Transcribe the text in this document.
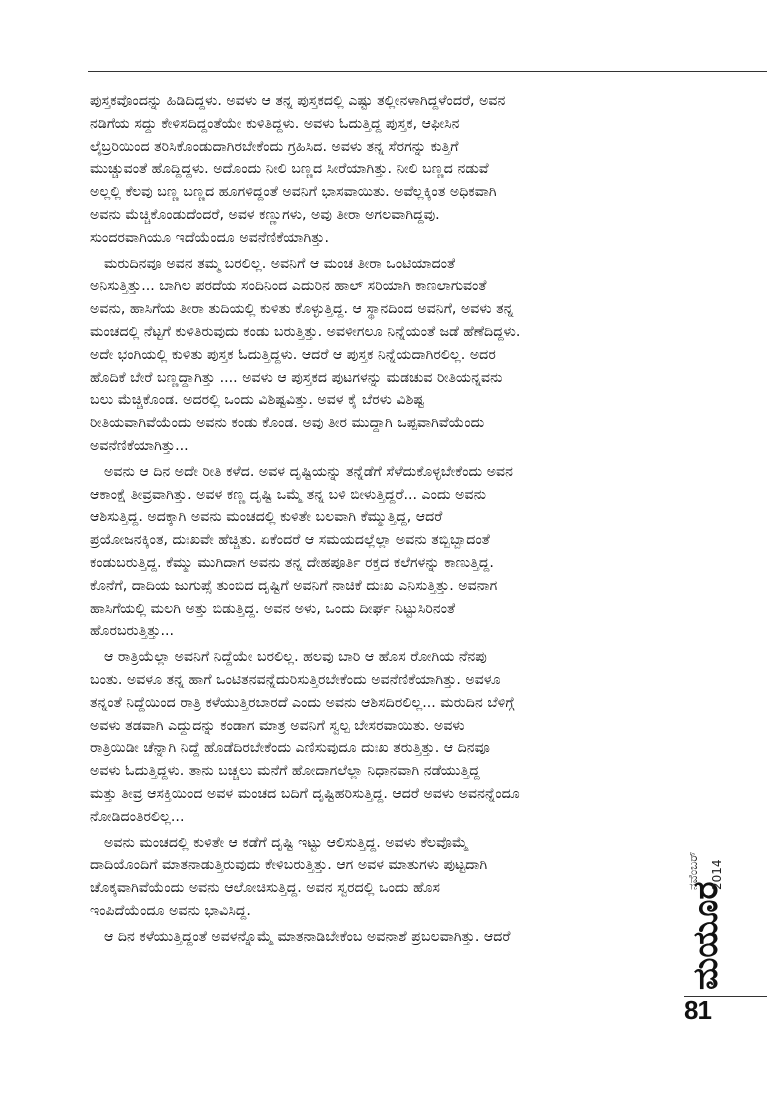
ಪುಸ್ತಕವೊಂದನ್ನು ಹಿಡಿದಿದ್ದಳು. ಅವಳು ಆ ತನ್ನ ಪುಸ್ತಕದಲ್ಲಿ ಎಷ್ಟು ತಲ್ಲೀನಳಾಗಿದ್ದಳೆಂದರೆ, ಅವನ
ನಡಿಗೆಯ ಸದ್ದು ಕೇಳಿಸದಿದ್ದಂತೆಯೇ ಕುಳಿತಿದ್ದಳು. ಅವಳು ಓದುತ್ತಿದ್ದ ಪುಸ್ತಕ, ಆಫೀಸಿನ
ಲೈಬ್ರರಿಯಿಂದ ತರಿಸಿಕೊಂಡುದಾಗಿರಬೇಕೆಂದು ಗ್ರಹಿಸಿದ. ಅವಳು ತನ್ನ ಸೆರಗನ್ನು ಕುತ್ತಿಗೆ
ಮುಚ್ಚುವಂತೆ ಹೊದ್ದಿದ್ದಳು. ಅದೊಂದು ನೀಲಿ ಬಣ್ಣದ ಸೀರೆಯಾಗಿತ್ತು. ನೀಲಿ ಬಣ್ಣದ ನಡುವೆ
ಅಲ್ಲಲ್ಲಿ ಕೆಲವು ಬಣ್ಣ ಬಣ್ಣದ ಹೂಗಳಿದ್ದಂತೆ ಅವನಿಗೆ ಭಾಸವಾಯಿತು. ಅವೆಲ್ಲಕ್ಕಿಂತ ಅಧಿಕವಾಗಿ
ಅವನು ಮೆಚ್ಚಿಕೊಂಡುದೆಂದರೆ, ಅವಳ ಕಣ್ಣುಗಳು, ಅವು ತೀರಾ ಅಗಲವಾಗಿದ್ದವು.
ಸುಂದರವಾಗಿಯೂ ಇದೆಯೆಂದೂ ಅವನೆಣಿಕೆಯಾಗಿತ್ತು.
ಮರುದಿನವೂ ಅವನ ತಮ್ಮ ಬರಲಿಲ್ಲ. ಅವನಿಗೆ ಆ ಮಂಚ ತೀರಾ ಒಂಟಿಯಾದಂತೆ
ಅನಿಸುತ್ತಿತ್ತು... ಬಾಗಿಲ ಪರದೆಯ ಸಂದಿನಿಂದ ಎದುರಿನ ಹಾಲ್ ಸರಿಯಾಗಿ ಕಾಣಲಾಗುವಂತೆ
ಅವನು, ಹಾಸಿಗೆಯ ತೀರಾ ತುದಿಯಲ್ಲಿ ಕುಳಿತು ಕೊಳ್ಳುತ್ತಿದ್ದ. ಆ ಸ್ಥಾನದಿಂದ ಅವನಿಗೆ, ಅವಳು ತನ್ನ
ಮಂಚದಲ್ಲಿ ನೆಟ್ಟಗೆ ಕುಳಿತಿರುವುದು ಕಂಡು ಬರುತ್ತಿತ್ತು. ಅವಳೀಗಲೂ ನಿನ್ನೆಯಂತೆ ಜಡೆ ಹೆಣೆದಿದ್ದಳು.
ಅದೇ ಭಂಗಿಯಲ್ಲಿ ಕುಳಿತು ಪುಸ್ತಕ ಓದುತ್ತಿದ್ದಳು. ಆದರೆ ಆ ಪುಸ್ತಕ ನಿನ್ನೆಯದಾಗಿರಲಿಲ್ಲ. ಅದರ
ಹೊದಿಕೆ ಬೇರೆ ಬಣ್ಣದ್ದಾಗಿತ್ತು .... ಅವಳು ಆ ಪುಸ್ತಕದ ಪುಟಗಳನ್ನು ಮಡಚುವ ರೀತಿಯನ್ನವನು
ಬಲು ಮೆಚ್ಚಿಕೊಂಡ. ಅದರಲ್ಲಿ ಒಂದು ವಿಶಿಷ್ಟವಿತ್ತು. ಅವಳ ಕೈ ಬೆರಳು ವಿಶಿಷ್ಟ
ರೀತಿಯವಾಗಿವೆಯೆಂದು ಅವನು ಕಂಡು ಕೊಂಡ. ಅವು ತೀರ ಮುದ್ದಾಗಿ ಒಪ್ಪವಾಗಿವೆಯೆಂದು
ಅವನೆಣಿಕೆಯಾಗಿತ್ತು...
ಅವನು ಆ ದಿನ ಅದೇ ರೀತಿ ಕಳೆದ. ಅವಳ ದೃಷ್ಟಿಯನ್ನು ತನ್ನೆಡೆಗೆ ಸೆಳೆದುಕೊಳ್ಳಬೇಕೆಂದು ಅವನ
ಆಕಾಂಕ್ಷೆ ತೀವ್ರವಾಗಿತ್ತು. ಅವಳ ಕಣ್ಣ ದೃಷ್ಟಿ ಒಮ್ಮೆ ತನ್ನ ಬಳಿ ಬೀಳುತ್ತಿದ್ದರೆ... ಎಂದು ಅವನು
ಆಶಿಸುತ್ತಿದ್ದ. ಅದಕ್ಕಾಗಿ ಅವನು ಮಂಚದಲ್ಲಿ ಕುಳಿತೇ ಬಲವಾಗಿ ಕೆಮ್ಮುತ್ತಿದ್ದ, ಆದರೆ
ಪ್ರಯೋಜನಕ್ಕಿಂತ, ದುಃಖವೇ ಹೆಚ್ಚಿತು. ಏಕೆಂದರೆ ಆ ಸಮಯದಲ್ಲೆಲ್ಲಾ ಅವನು ತಬ್ಬಿಬ್ಬಾದಂತೆ
ಕಂಡುಬರುತ್ತಿದ್ದ. ಕೆಮ್ಮು ಮುಗಿದಾಗ ಅವನು ತನ್ನ ದೇಹಪೂರ್ತಿ ರಕ್ತದ ಕಲೆಗಳನ್ನು ಕಾಣುತ್ತಿದ್ದ.
ಕೊನೆಗೆ, ದಾದಿಯ ಜುಗುಪ್ಸೆ ತುಂಬಿದ ದೃಷ್ಟಿಗೆ ಅವನಿಗೆ ನಾಚಿಕೆ ದುಃಖ ಎನಿಸುತ್ತಿತ್ತು. ಅವನಾಗ
ಹಾಸಿಗೆಯಲ್ಲಿ ಮಲಗಿ ಅತ್ತು ಬಿಡುತ್ತಿದ್ದ. ಅವನ ಅಳು, ಒಂದು ದೀರ್ಘ ನಿಟ್ಟುಸಿರಿನಂತೆ
ಹೊರಬರುತ್ತಿತ್ತು...
ಆ ರಾತ್ರಿಯೆಲ್ಲಾ ಅವನಿಗೆ ನಿದ್ದೆಯೇ ಬರಲಿಲ್ಲ. ಹಲವು ಬಾರಿ ಆ ಹೊಸ ರೋಗಿಯ ನೆನಪು
ಬಂತು. ಅವಳೂ ತನ್ನ ಹಾಗೆ ಒಂಟಿತನವನ್ನೆದುರಿಸುತ್ತಿರಬೇಕೆಂದು ಅವನೆಣಿಕೆಯಾಗಿತ್ತು. ಅವಳೂ
ತನ್ನಂತೆ ನಿದ್ದೆಯಿಂದ ರಾತ್ರಿ ಕಳೆಯುತ್ತಿರಬಾರದೆ ಎಂದು ಅವನು ಆಶಿಸದಿರಲಿಲ್ಲ... ಮರುದಿನ ಬೆಳಿಗ್ಗೆ
ಅವಳು ತಡವಾಗಿ ಎದ್ದುದನ್ನು ಕಂಡಾಗ ಮಾತ್ರ ಅವನಿಗೆ ಸ್ವಲ್ಪ ಬೇಸರವಾಯಿತು. ಅವಳು
ರಾತ್ರಿಯಿಡೀ ಚೆನ್ನಾಗಿ ನಿದ್ದೆ ಹೊಡೆದಿರಬೇಕೆಂದು ಎಣಿಸುವುದೂ ದುಃಖ ತರುತ್ತಿತ್ತು. ಆ ದಿನವೂ
ಅವಳು ಓದುತ್ತಿದ್ದಳು. ತಾನು ಬಚ್ಚಲು ಮನೆಗೆ ಹೋದಾಗಲೆಲ್ಲಾ ನಿಧಾನವಾಗಿ ನಡೆಯುತ್ತಿದ್ದ
ಮತ್ತು ತೀವ್ರ ಆಸಕ್ತಿಯಿಂದ ಅವಳ ಮಂಚದ ಬದಿಗೆ ದೃಷ್ಟಿಹರಿಸುತ್ತಿದ್ದ. ಆದರೆ ಅವಳು ಅವನನ್ನೆಂದೂ
ನೋಡಿದಂತಿರಲಿಲ್ಲ...
ಅವನು ಮಂಚದಲ್ಲಿ ಕುಳಿತೇ ಆ ಕಡೆಗೆ ದೃಷ್ಟಿ ಇಟ್ಟು ಆಲಿಸುತ್ತಿದ್ದ. ಅವಳು ಕೆಲವೊಮ್ಮೆ
ದಾದಿಯೊಂದಿಗೆ ಮಾತನಾಡುತ್ತಿರುವುದು ಕೇಳಿಬರುತ್ತಿತ್ತು. ಆಗ ಅವಳ ಮಾತುಗಳು ಪುಟ್ಟದಾಗಿ
ಚೊಕ್ಕವಾಗಿವೆಯೆಂದು ಅವನು ಆಲೋಚಿಸುತ್ತಿದ್ದ. ಅವನ ಸ್ವರದಲ್ಲಿ ಒಂದು ಹೊಸ
ಇಂಪಿದೆಯೆಂದೂ ಅವನು ಭಾವಿಸಿದ್ದ.
ಆ ದಿನ ಕಳೆಯುತ್ತಿದ್ದಂತೆ ಅವಳನ್ನೊಮ್ಮೆ ಮಾತನಾಡಿಬೇಕೆಂಬ ಅವನಾಶೆ ಪ್ರಬಲವಾಗಿತ್ತು. ಆದರೆ	ಮಯೂರ
ನವೆಂಬರ್ 2014
81
